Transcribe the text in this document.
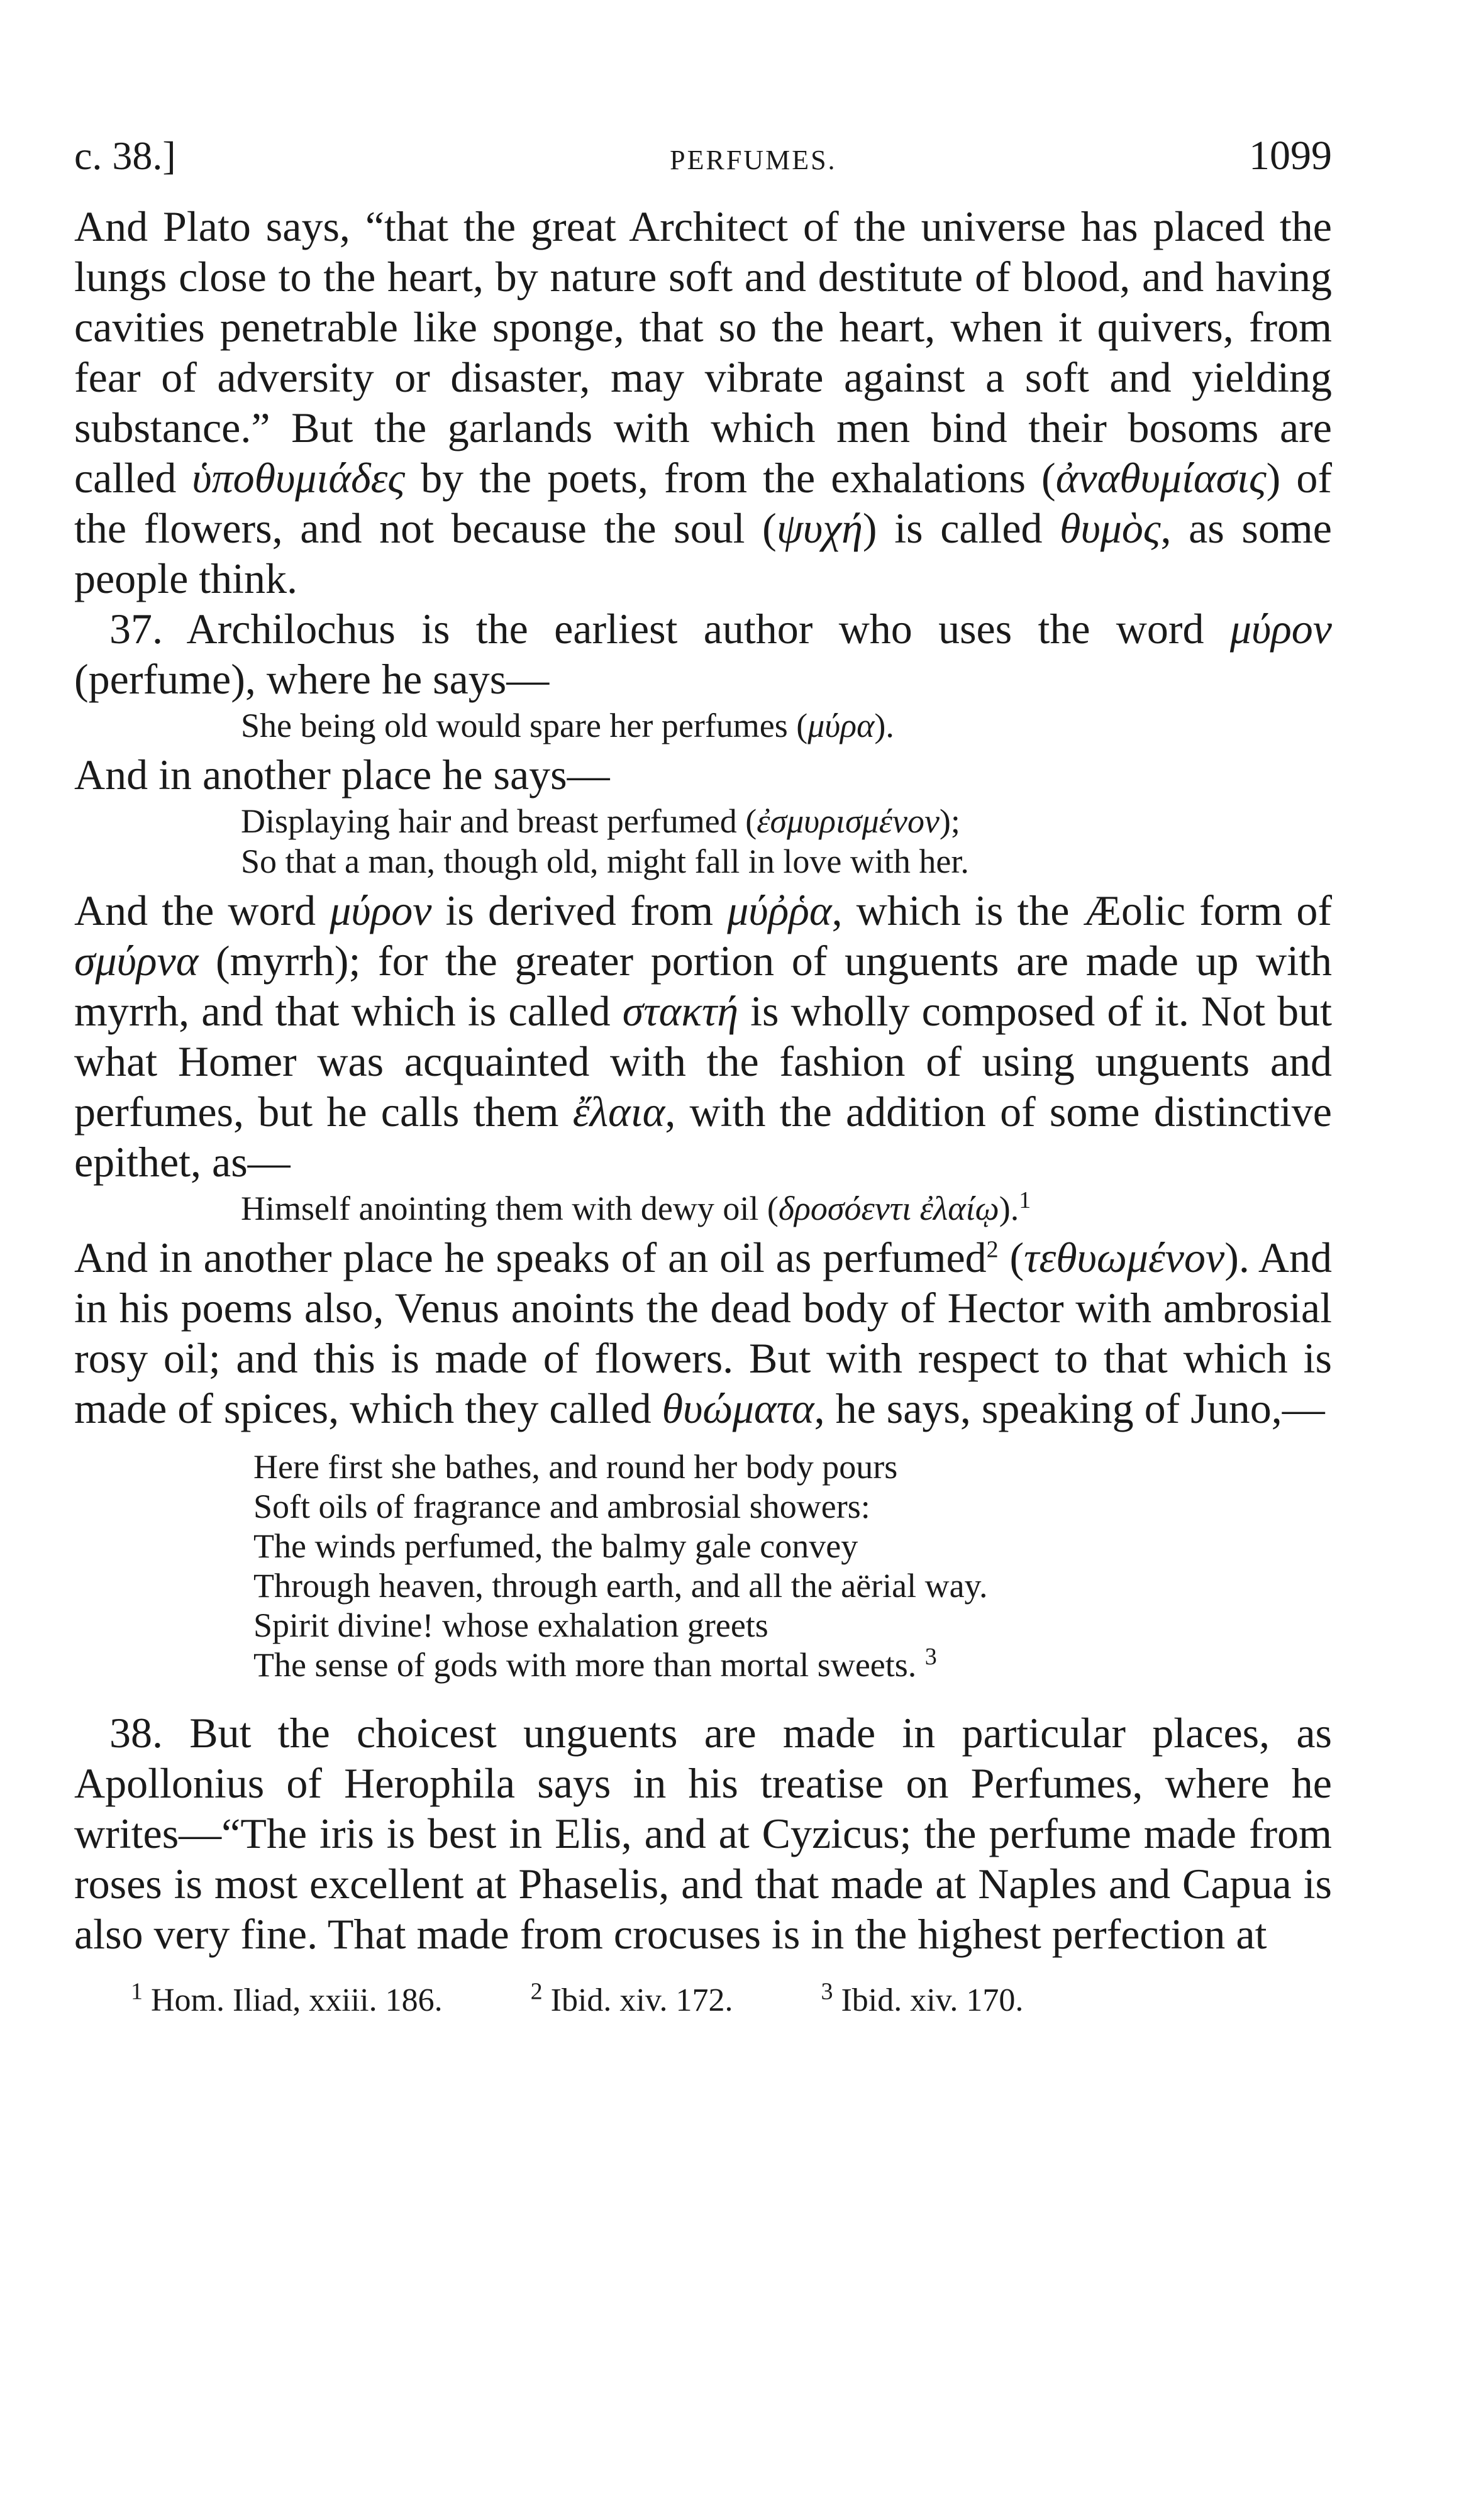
c. 38.]	PERFUMES.	1099

And Plato says, “that the great Architect of the universe has placed the lungs close to the heart, by nature soft and destitute of blood, and having cavities penetrable like sponge, that so the heart, when it quivers, from fear of adversity or disaster, may vibrate against a soft and yielding substance.” But the garlands with which men bind their bosoms are called ὑποθυμιάδες by the poets, from the exhalations (ἀναθυμίασις) of the flowers, and not because the soul (ψυχή) is called θυμὸς, as some people think.

37. Archilochus is the earliest author who uses the word μύρον (perfume), where he says—

She being old would spare her perfumes (μύρα).

And in another place he says—

Displaying hair and breast perfumed (ἐσμυρισμένον);
So that a man, though old, might fall in love with her.

And the word μύρον is derived from μύῤῥα, which is the Æolic form of σμύρνα (myrrh); for the greater portion of unguents are made up with myrrh, and that which is called στακτή is wholly composed of it. Not but what Homer was acquainted with the fashion of using unguents and perfumes, but he calls them ἔλαια, with the addition of some distinctive epithet, as—

Himself anointing them with dewy oil (δροσόεντι ἐλαίῳ).$^1$

And in another place he speaks of an oil as perfumed$^2$ (τεθυωμένον). And in his poems also, Venus anoints the dead body of Hector with ambrosial rosy oil; and this is made of flowers. But with respect to that which is made of spices, which they called θυώματα, he says, speaking of Juno,—

Here first she bathes, and round her body pours
Soft oils of fragrance and ambrosial showers:
The winds perfumed, the balmy gale convey
Through heaven, through earth, and all the aërial way.
Spirit divine! whose exhalation greets
The sense of gods with more than mortal sweets. $^3$

38. But the choicest unguents are made in particular places, as Apollonius of Herophila says in his treatise on Perfumes, where he writes—“The iris is best in Elis, and at Cyzicus; the perfume made from roses is most excellent at Phaselis, and that made at Naples and Capua is also very fine. That made from crocuses is in the highest perfection at

$^1$ Hom. Iliad, xxiii. 186.	$^2$ Ibid. xiv. 172.	$^3$ Ibid. xiv. 170.
